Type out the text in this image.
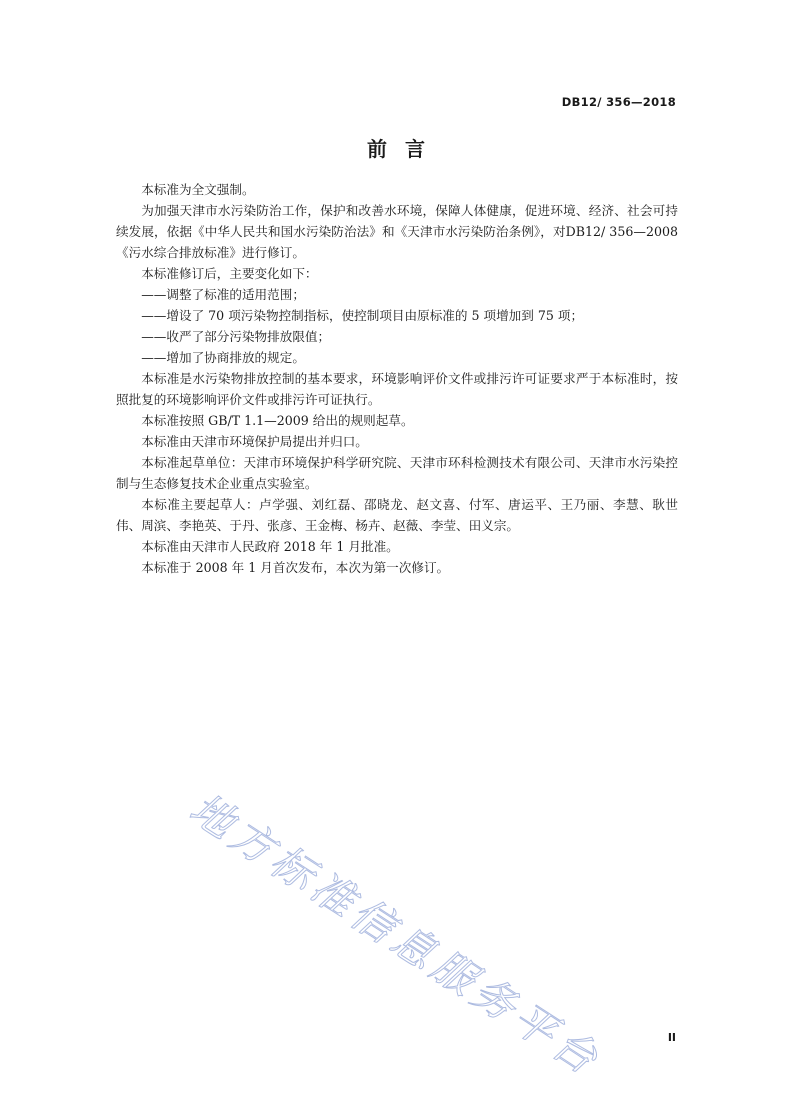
DB12/ 356—2018
前言

本标准为全文强制。

为加强天津市水污染防治工作，保护和改善水环境，保障人体健康，促进环境、经济、社会可持续发展，依据《中华人民共和国水污染防治法》和《天津市水污染防治条例》，对DB12/ 356—2008《污水综合排放标准》进行修订。

本标准修订后，主要变化如下：

——调整了标准的适用范围；

——增设了 70 项污染物控制指标，使控制项目由原标准的 5 项增加到 75 项；

——收严了部分污染物排放限值；

——增加了协商排放的规定。

本标准是水污染物排放控制的基本要求，环境影响评价文件或排污许可证要求严于本标准时，按照批复的环境影响评价文件或排污许可证执行。

本标准按照 GB/T 1.1—2009 给出的规则起草。

本标准由天津市环境保护局提出并归口。

本标准起草单位：天津市环境保护科学研究院、天津市环科检测技术有限公司、天津市水污染控制与生态修复技术企业重点实验室。

本标准主要起草人：卢学强、刘红磊、邵晓龙、赵文喜、付军、唐运平、王乃丽、李慧、耿世伟、周滨、李艳英、于丹、张彦、王金梅、杨卉、赵薇、李莹、田义宗。

本标准由天津市人民政府 2018 年 1 月批准。

本标准于 2008 年 1 月首次发布，本次为第一次修订。

地方标准信息服务平台	II
